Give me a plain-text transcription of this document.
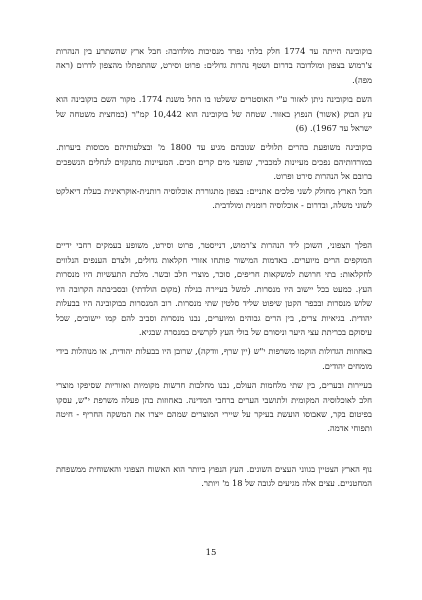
בוקובינה הייתה עד 1774 חלק בלתי נפרד מנסיכות מולדובה: חבל ארץ שהשתרע בין הנהרות צ'רמוש בצפון ומולדובה בדרום ושטף נהרות גדולים: פרוט וסירט, שהתפתלו מהצפון לדרום (ראה מפה).

השם בוקובינה ניתן לאזור ע"י האוסטרים ששלטו בו החל משנת 1774. מקור השם בוקובינה הוא עץ הבוק (אשור) הנפוץ באזור. שטחה של בוקובינה הוא 10,442 קמ"ר (כמחצית משטחה של ישראל עד 1967). (6)

בוקובינה משופעת בהרים תלולים שגובהם מגיע עד 1800 מ' ובצלעותיהם מכוסות ביערות. במורדותיהם נפכים מעיינות למכביר, שופעי מים קרים וזכים. המעיינות מתנקזים לנחלים הנשפכים ברובם אל הנהרות סירט ופרוט.

חבל הארץ מחולק לשני פלכים אתניים: בצפון מתגוררת אוכלוסיה רותנית-אוקראינית בעלת דיאלקט לשוני משלה, ובדרום - אוכלוסיה רומנית ומולדבית.

הפלך הצפוני, השוכן ליד הנהרות צ'רמוש, דנייסטר, פרוט וסירט, משופע בעמקים רחבי ידיים המוקפים הרים מיוערים. באדמות המישור פותחו אזורי חקלאות גדולים, ולצדם הענפים הנלווים לחקלאות: בתי חרושת למשקאות חריפים, סוכר, מוצרי חלב ובשר. מלכת התעשיות היו מנסרות העץ. כמעט בכל יישוב היו מנסרות. למשל בעיירה בנילה (מקום הולדתי) ובסביבתה הקרובה היו שלוש מנסרות ובכפר הקטן שיפוט שליד סלטין שתי מנסרות. רוב המנסרות בבוקובינה היו בבעלות יהודית. בגיאיות צרים, בין הרים גבוהים ומיוערים, נבנו מנסרות וסביב להם קמו יישובים, שכל עיסוקם בכריתת עצי היער וניסורם של בולי העץ לקרשים במנסרה שבגיא.

באחוזות הגדולות הוקמו משרפות י"ש (יין שרף, וודקה), שרובן היו בבעלות יהודית, או מנוהלות בידי מומחים יהודים.

בעיירות ובערים, בין שתי מלחמות העולם, נבנו מחלבות חדשות מקומיות ואזוריות שסיפקו מוצרי חלב לאוכלוסיה המקומית ולתושבי הערים ברחבי המדינה. באחוזות בהן פעלה משרפת י"ש, עסקו בפיטום בקר, שאבוסו הועשת בעיקר על שיירי המוצרים שמהם ייצרו את המשקה החריף - חיטה ותפוחי אדמה.

נוף הארץ הצטיין בגווני העצים השונים. העץ הנפוץ ביותר הוא האשוח הצפוני והאשוחית ממשפחת המחטניים. עצים אלה מגיעים לגובה של 18 מ' ויותר.

15
